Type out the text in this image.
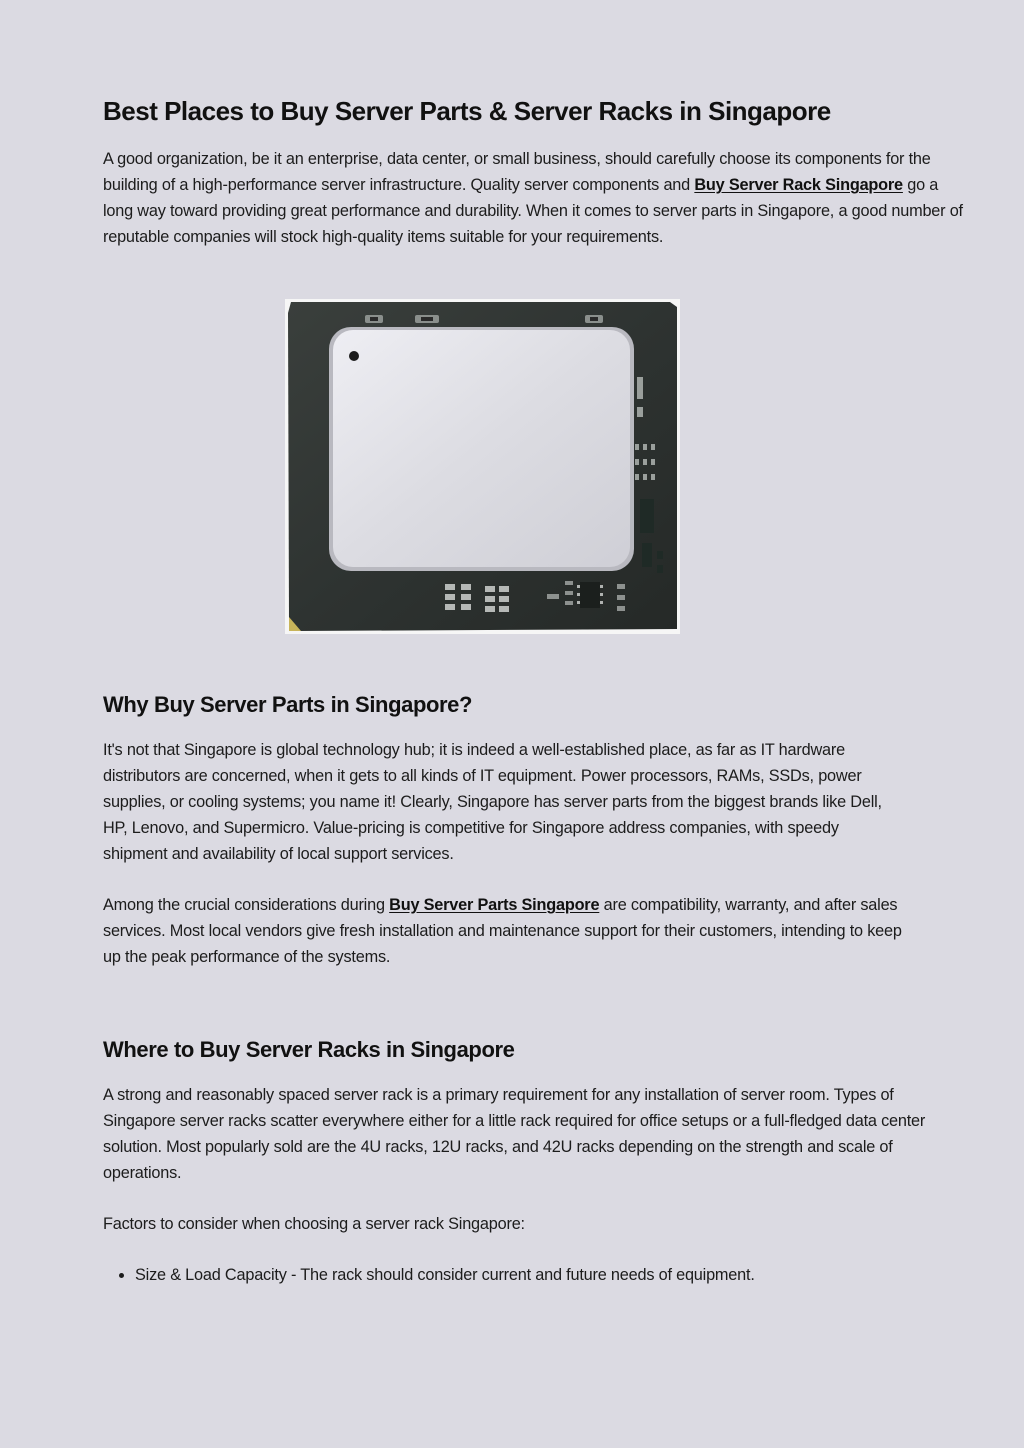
Best Places to Buy Server Parts & Server Racks in Singapore

A good organization, be it an enterprise, data center, or small business, should carefully choose its components for the building of a high-performance server infrastructure. Quality server components and Buy Server Rack Singapore go a long way toward providing great performance and durability. When it comes to server parts in Singapore, a good number of reputable companies will stock high-quality items suitable for your requirements.

Why Buy Server Parts in Singapore?

It's not that Singapore is global technology hub; it is indeed a well-established place, as far as IT hardware distributors are concerned, when it gets to all kinds of IT equipment. Power processors, RAMs, SSDs, power supplies, or cooling systems; you name it! Clearly, Singapore has server parts from the biggest brands like Dell, HP, Lenovo, and Supermicro. Value-pricing is competitive for Singapore address companies, with speedy shipment and availability of local support services.

Among the crucial considerations during Buy Server Parts Singapore are compatibility, warranty, and after sales services. Most local vendors give fresh installation and maintenance support for their customers, intending to keep up the peak performance of the systems.

Where to Buy Server Racks in Singapore

A strong and reasonably spaced server rack is a primary requirement for any installation of server room. Types of Singapore server racks scatter everywhere either for a little rack required for office setups or a full-fledged data center solution. Most popularly sold are the 4U racks, 12U racks, and 42U racks depending on the strength and scale of operations.

Factors to consider when choosing a server rack Singapore:

• Size & Load Capacity - The rack should consider current and future needs of equipment.
